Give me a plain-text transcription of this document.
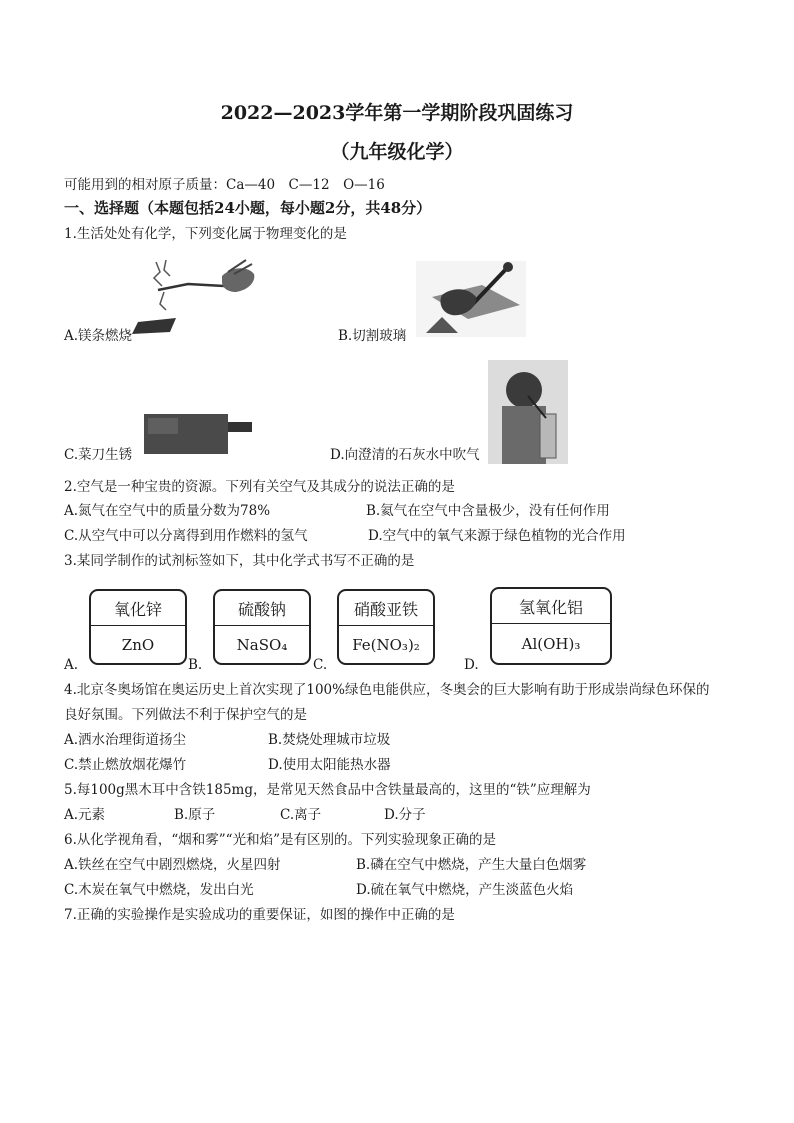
2022—2023学年第一学期阶段巩固练习
（九年级化学）
可能用到的相对原子质量：Ca—40　C—12　O—16
一、选择题（本题包括24小题，每小题2分，共48分）
1.生活处处有化学，下列变化属于物理变化的是
A.镁条燃烧	B.切割玻璃
C.菜刀生锈	D.向澄清的石灰水中吹气
2.空气是一种宝贵的资源。下列有关空气及其成分的说法正确的是
A.氮气在空气中的质量分数为78%	B.氦气在空气中含量极少，没有任何作用
C.从空气中可以分离得到用作燃料的氢气	D.空气中的氧气来源于绿色植物的光合作用
3.某同学制作的试剂标签如下，其中化学式书写不正确的是
A.
氧化锌
ZnO
B.
硫酸钠
NaSO₄
C.
硝酸亚铁
Fe(NO₃)₂
D.
氢氧化铝
Al(OH)₃
4.北京冬奥场馆在奥运历史上首次实现了100%绿色电能供应，冬奥会的巨大影响有助于形成崇尚绿色环保的
良好氛围。下列做法不利于保护空气的是
A.洒水治理街道扬尘	B.焚烧处理城市垃圾
C.禁止燃放烟花爆竹	D.使用太阳能热水器
5.每100g黑木耳中含铁185mg，是常见天然食品中含铁量最高的，这里的“铁”应理解为
A.元素	B.原子	C.离子	D.分子
6.从化学视角看，“烟和雾”“光和焰”是有区别的。下列实验现象正确的是
A.铁丝在空气中剧烈燃烧，火星四射	B.磷在空气中燃烧，产生大量白色烟雾
C.木炭在氧气中燃烧，发出白光	D.硫在氧气中燃烧，产生淡蓝色火焰
7.正确的实验操作是实验成功的重要保证，如图的操作中正确的是
